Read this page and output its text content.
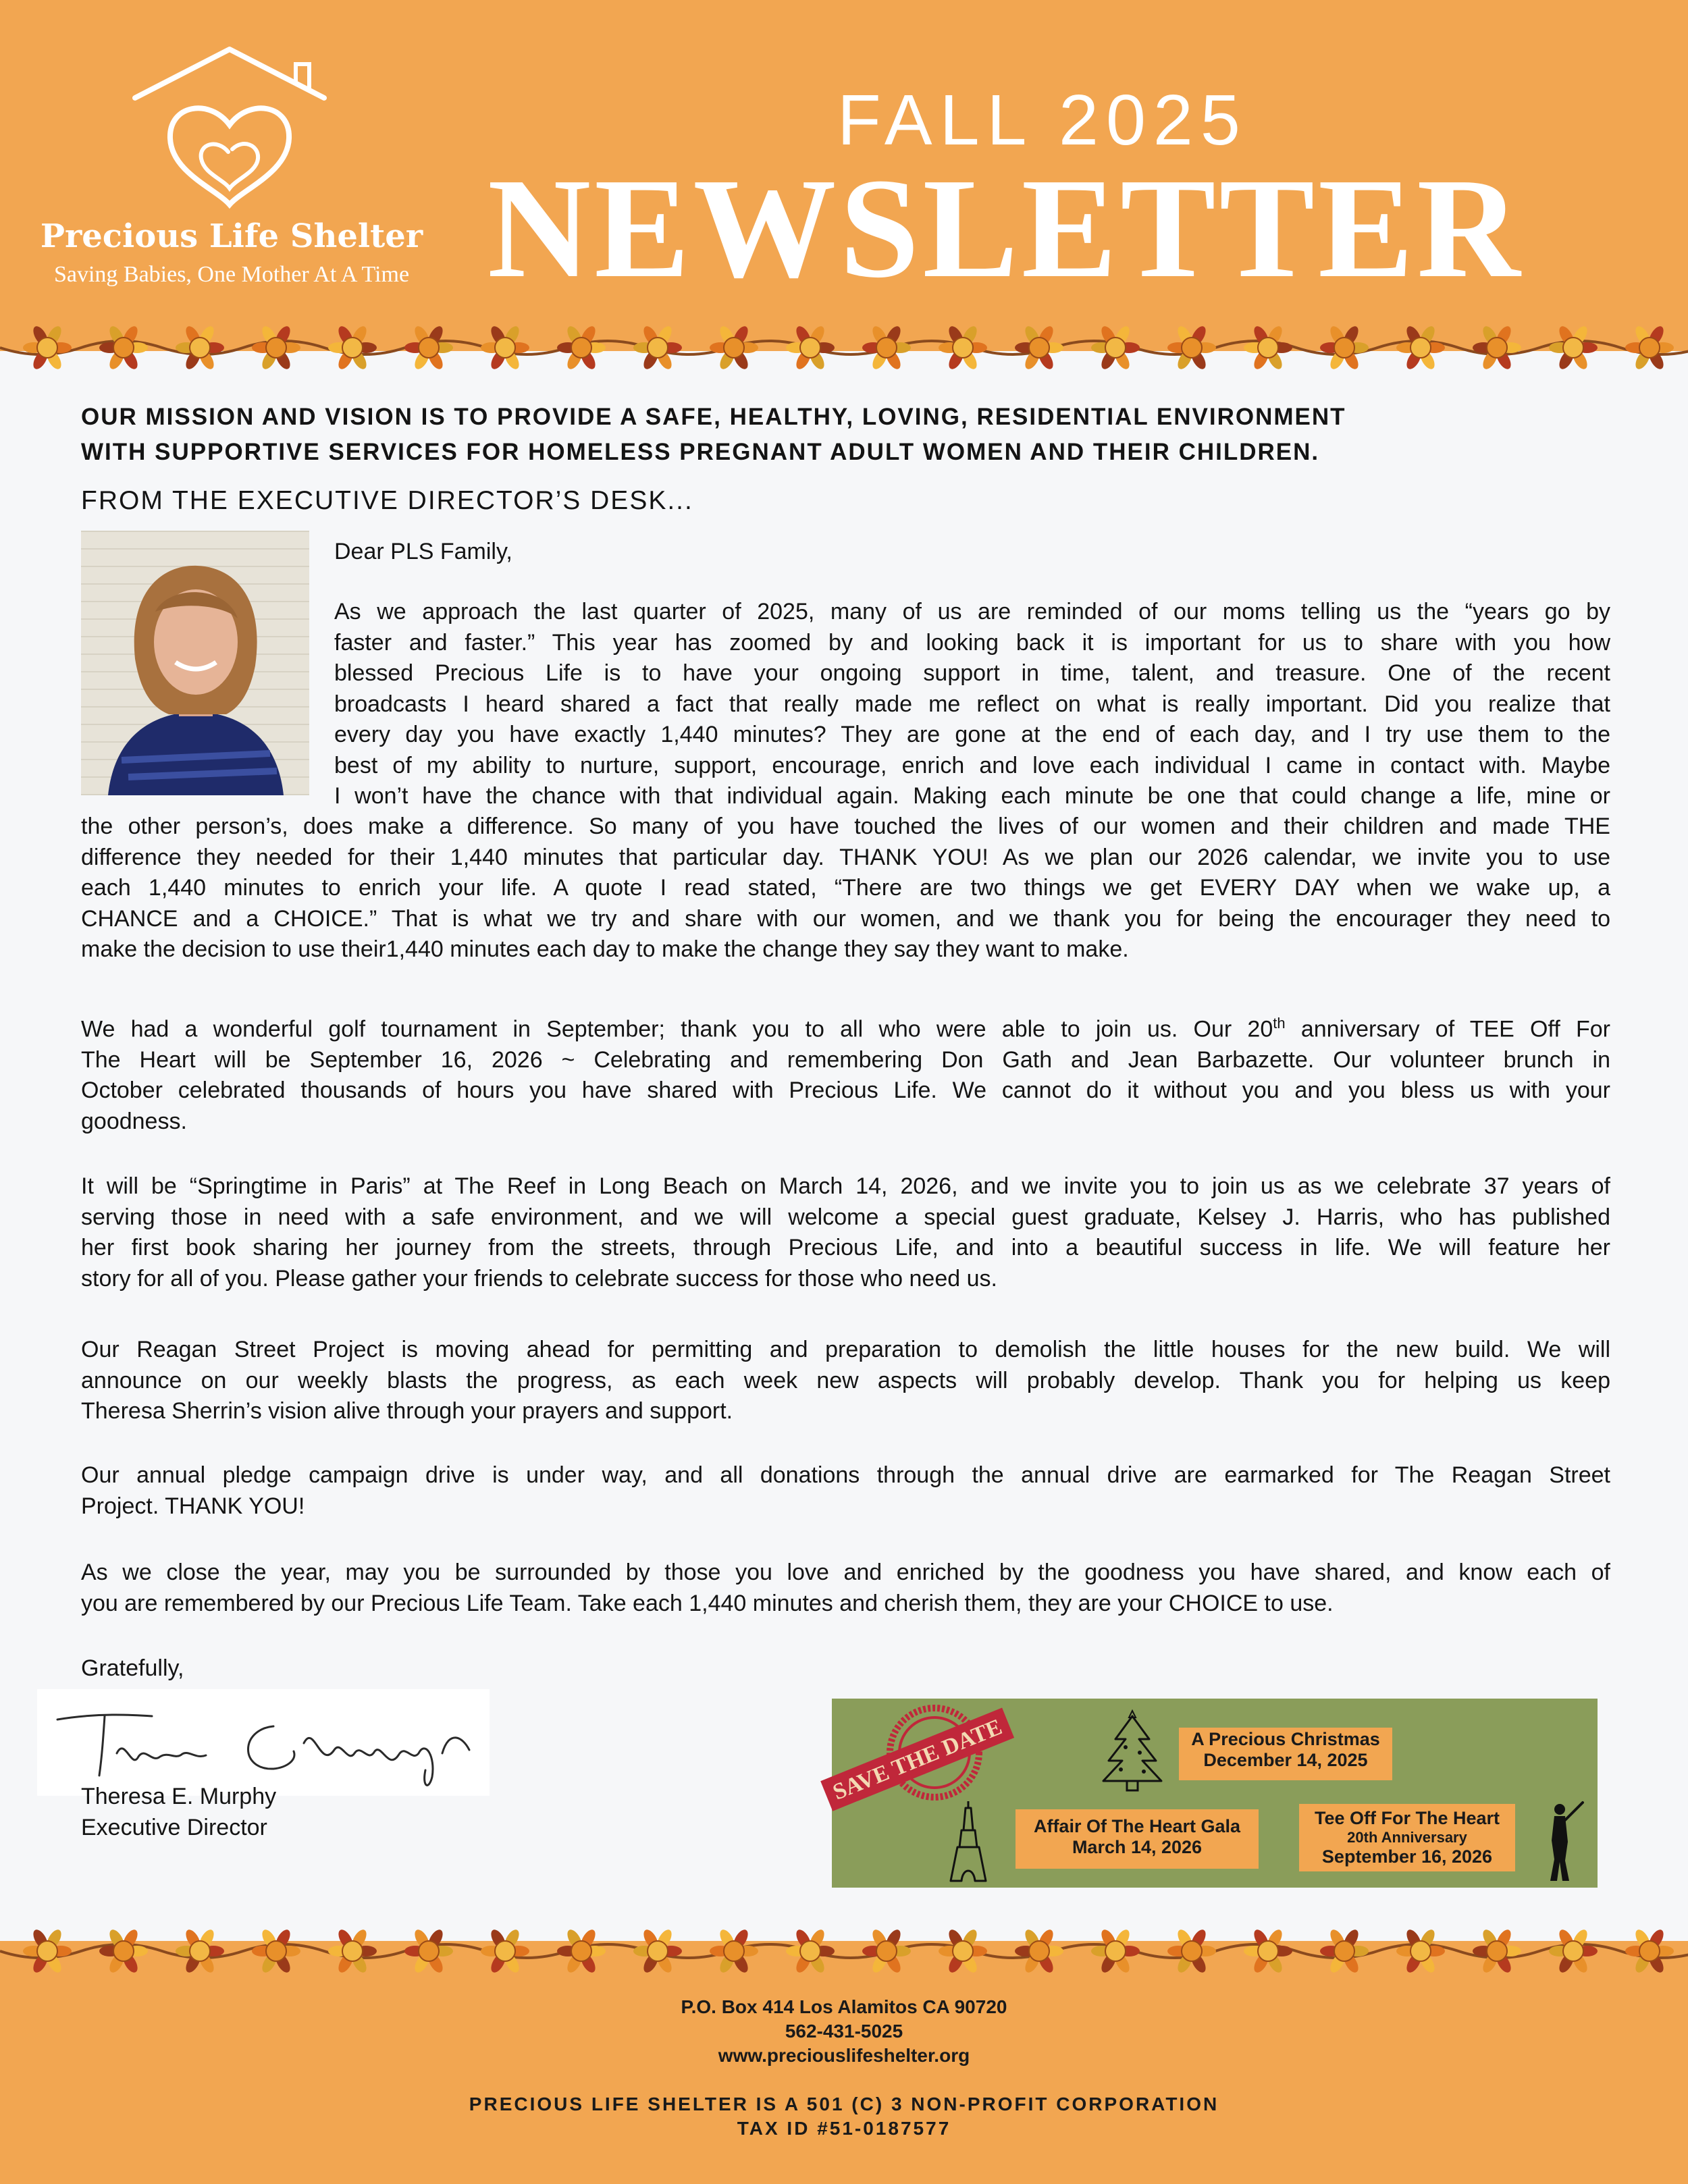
Precious Life Shelter
Saving Babies, One Mother At A Time
FALL 2025
NEWSLETTER
OUR MISSION AND VISION IS TO PROVIDE A SAFE, HEALTHY, LOVING, RESIDENTIAL ENVIRONMENT
WITH SUPPORTIVE SERVICES FOR HOMELESS PREGNANT ADULT WOMEN AND THEIR CHILDREN.
FROM THE EXECUTIVE DIRECTOR’S DESK...
Dear PLS Family,
As we approach the last quarter of 2025, many of us are reminded of our moms telling us the “years go by
faster and faster.” This year has zoomed by and looking back it is important for us to share with you how
blessed Precious Life is to have your ongoing support in time, talent, and treasure. One of the recent
broadcasts I heard shared a fact that really made me reflect on what is really important. Did you realize that
every day you have exactly 1,440 minutes? They are gone at the end of each day, and I try use them to the
best of my ability to nurture, support, encourage, enrich and love each individual I came in contact with. Maybe
I won’t have the chance with that individual again. Making each minute be one that could change a life, mine or
the other person’s, does make a difference. So many of you have touched the lives of our women and their children and made THE
difference they needed for their 1,440 minutes that particular day. THANK YOU! As we plan our 2026 calendar, we invite you to use
each 1,440 minutes to enrich your life. A quote I read stated, “There are two things we get EVERY DAY when we wake up, a
CHANCE and a CHOICE.” That is what we try and share with our women, and we thank you for being the encourager they need to
make the decision to use their1,440 minutes each day to make the change they say they want to make.
We had a wonderful golf tournament in September; thank you to all who were able to join us. Our 20th anniversary of TEE Off For
The Heart will be September 16, 2026 ~ Celebrating and remembering Don Gath and Jean Barbazette. Our volunteer brunch in
October celebrated thousands of hours you have shared with Precious Life. We cannot do it without you and you bless us with your
goodness.
It will be “Springtime in Paris” at The Reef in Long Beach on March 14, 2026, and we invite you to join us as we celebrate 37 years of
serving those in need with a safe environment, and we will welcome a special guest graduate, Kelsey J. Harris, who has published
her first book sharing her journey from the streets, through Precious Life, and into a beautiful success in life. We will feature her
story for all of you. Please gather your friends to celebrate success for those who need us.
Our Reagan Street Project is moving ahead for permitting and preparation to demolish the little houses for the new build. We will
announce on our weekly blasts the progress, as each week new aspects will probably develop. Thank you for helping us keep
Theresa Sherrin’s vision alive through your prayers and support.
Our annual pledge campaign drive is under way, and all donations through the annual drive are earmarked for The Reagan Street
Project. THANK YOU!
As we close the year, may you be surrounded by those you love and enriched by the goodness you have shared, and know each of
you are remembered by our Precious Life Team. Take each 1,440 minutes and cherish them, they are your CHOICE to use.
Gratefully,
Theresa E. Murphy
Executive Director
SAVE THE DATE	A Precious Christmas
December 14, 2025
Affair Of The Heart Gala
March 14, 2026
Tee Off For The Heart
20th Anniversary
September 16, 2026
P.O. Box 414 Los Alamitos CA 90720
562-431-5025
www.preciouslifeshelter.org
PRECIOUS LIFE SHELTER IS A 501 (C) 3 NON-PROFIT CORPORATION
TAX ID #51-0187577
